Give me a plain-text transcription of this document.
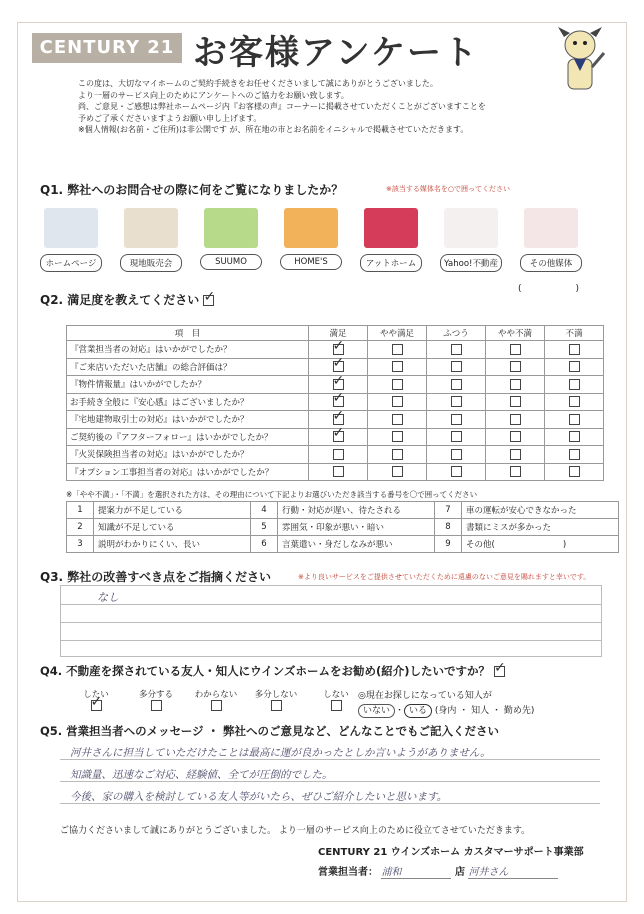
CENTURY 21 お客様アンケート
この度は、大切なマイホームのご契約手続きをお任せくださいまして誠にありがとうございました。
より一層のサービス向上のためにアンケートへのご協力をお願い致します。
尚、ご意見・ご感想は弊社ホームページ内『お客様の声』コーナーに掲載させていただくことがございますことを
予めご了承くださいますようお願い申し上げます。
※個人情報(お名前・ご住所)は非公開です が、所在地の市とお名前をイニシャルで掲載させていただきます。
Q1. 弊社へのお問合せの際に何をご覧になりましたか？	※該当する媒体名を○で囲ってください
ホームページ	現地販売会	SUUMO	HOME'S	アットホーム	Yahoo!不動産	その他媒体
(　　　　　　)
Q2. 満足度を教えてください ✓
項　目	満足	やや満足	ふつう	やや不満	不満
『営業担当者の対応』はいかがでしたか？	✓				
『ご来店いただいた店舗』の総合評価は？	✓				
『物件情報量』はいかがでしたか？	✓				
お手続き全般に『安心感』はございましたか？	✓				
『宅地建物取引士の対応』はいかがでしたか？	✓				
ご契約後の『アフターフォロー』はいかがでしたか？	✓				
『火災保険担当者の対応』はいかがでしたか？					
『オプション工事担当者の対応』はいかがでしたか？					
※「やや不満」・「不満」を選択された方は、その理由について下記よりお選びいただき該当する番号を〇で囲ってください
1	提案力が不足している	4	行動・対応が遅い、待たされる	7	車の運転が安心できなかった
2	知識が不足している	5	雰囲気・印象が悪い・暗い	8	書類にミスが多かった
3	説明がわかりにくい、長い	6	言葉遣い・身だしなみが悪い	9	その他(　　　　　　　　)
Q3. 弊社の改善すべき点をご指摘ください	※より良いサービスをご提供させていただくために遠慮のないご意見を賜れますと幸いです。
なし
Q4. 不動産を探されている友人・知人にウインズホームをお勧め(紹介)したいですか？ ✓
したい
✓	多分する	わからない	多分しない	しない	◎現在お探しになっている知人が
いない ・ いる (身内 ・ 知人 ・ 勤め先)
Q5. 営業担当者へのメッセージ ・ 弊社へのご意見など、どんなことでもご記入ください
河井さんに担当していただけたことは最高に運が良かったとしか言いようがありません。
知識量、迅速なご対応、経験値、全てが圧倒的でした。
今後、家の購入を検討している友人等がいたら、ぜひご紹介したいと思います。
ご協力くださいまして誠にありがとうございました。 より一層のサービス向上のために役立てさせていただきます。
CENTURY 21 ウインズホーム カスタマーサポート事業部
営業担当者： 浦和	店 河井さん
